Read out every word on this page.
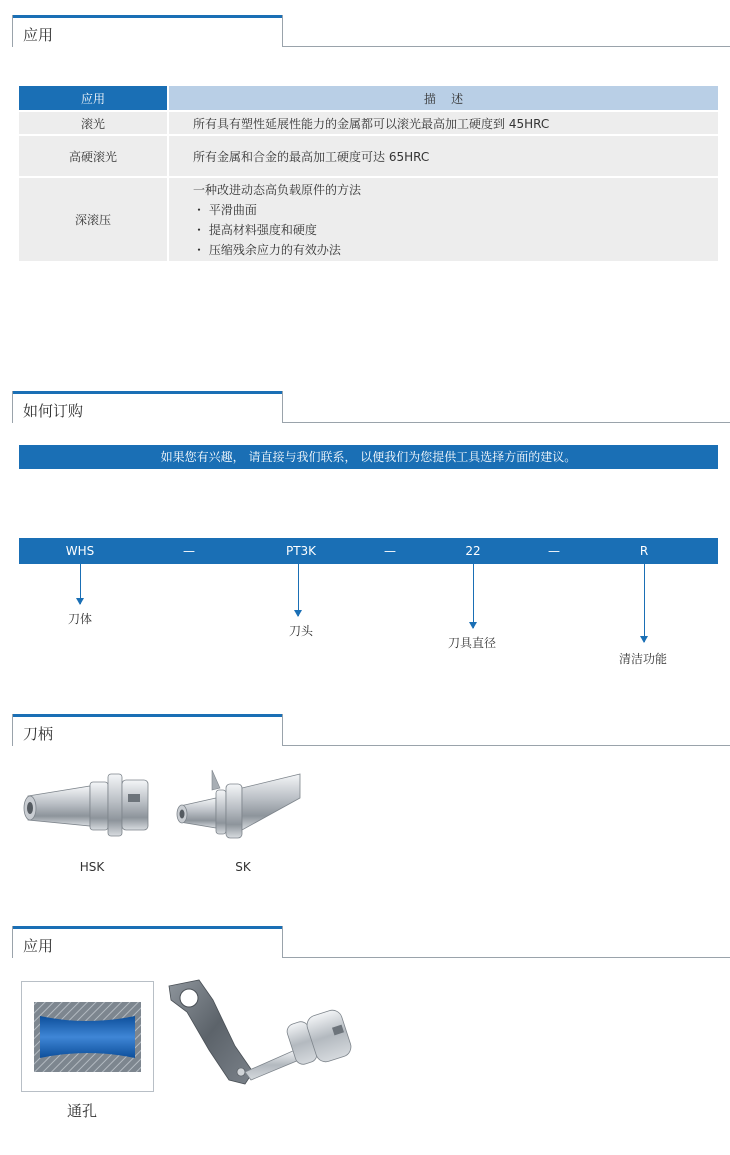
应用
应用	描    述
滚光	所有具有塑性延展性能力的金属都可以滚光最高加工硬度到 45HRC
高硬滚光	所有金属和合金的最高加工硬度可达 65HRC
深滚压	一种改进动态高负载原件的方法
・ 平滑曲面
・ 提高材料强度和硬度
・ 压缩残余应力的有效办法
如何订购
如果您有兴趣， 请直接与我们联系， 以便我们为您提供工具选择方面的建议。
WHS	—	PT3K	—	22	—	R
刀体
刀头
刀具直径
清洁功能
刀柄
HSK	SK
应用
通孔
